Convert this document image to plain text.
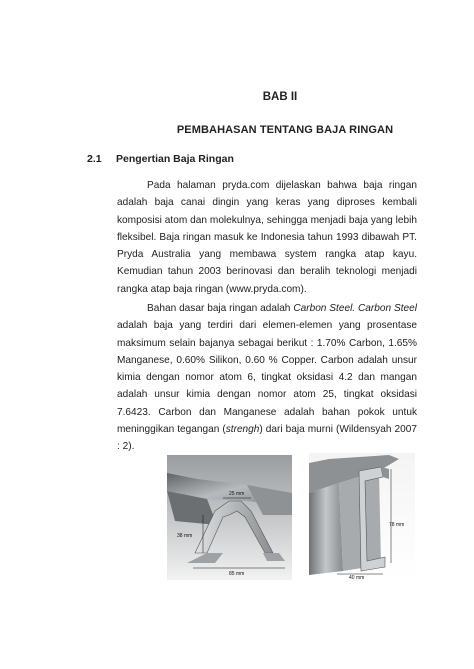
BAB II
PEMBAHASAN TENTANG BAJA RINGAN
2.1 Pengertian Baja Ringan

Pada halaman pryda.com dijelaskan bahwa baja ringan adalah baja canai dingin yang keras yang diproses kembali komposisi atom dan molekulnya, sehingga menjadi baja yang lebih fleksibel. Baja ringan masuk ke Indonesia tahun 1993 dibawah PT. Pryda Australia yang membawa system rangka atap kayu. Kemudian tahun 2003 berinovasi dan beralih teknologi menjadi rangka atap baja ringan (www.pryda.com).

Bahan dasar baja ringan adalah Carbon Steel. Carbon Steel adalah baja yang terdiri dari elemen-elemen yang prosentase maksimum selain bajanya sebagai berikut : 1.70% Carbon, 1.65% Manganese, 0.60% Silikon, 0.60 % Copper. Carbon adalah unsur kimia dengan nomor atom 6, tingkat oksidasi 4.2 dan mangan adalah unsur kimia dengan nomor atom 25, tingkat oksidasi 7.6423. Carbon dan Manganese adalah bahan pokok untuk meninggikan tegangan (strengh) dari baja murni (Wildensyah 2007 : 2).

25 mm
38 mm
85 mm
78 mm
40 mm
